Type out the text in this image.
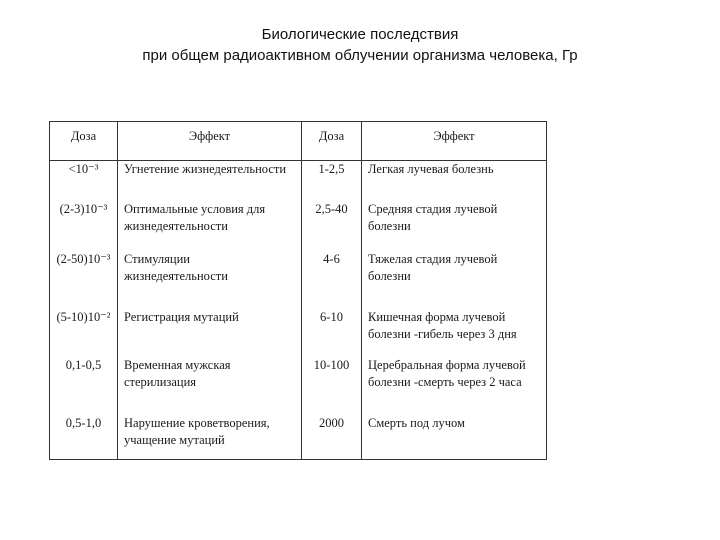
Биологические последствия
при общем радиоактивном облучении организма человека, Гр
Доза	Эффект	Доза	Эффект
<10⁻³	Угнетение жизнедеятельности	1-2,5	Легкая лучевая болезнь
(2-3)10⁻³	Оптимальные условия для жизнедеятельности	2,5-40	Средняя стадия лучевой болезни
(2-50)10⁻³	Стимуляции жизнедеятельности	4-6	Тяжелая стадия лучевой болезни
(5-10)10⁻²	Регистрация мутаций	6-10	Кишечная форма лучевой болезни -гибель через 3 дня
0,1-0,5	Временная мужская стерилизация	10-100	Церебральная форма лучевой болезни -смерть через 2 часа
0,5-1,0	Нарушение кроветворения, учащение мутаций	2000	Смерть под лучом
